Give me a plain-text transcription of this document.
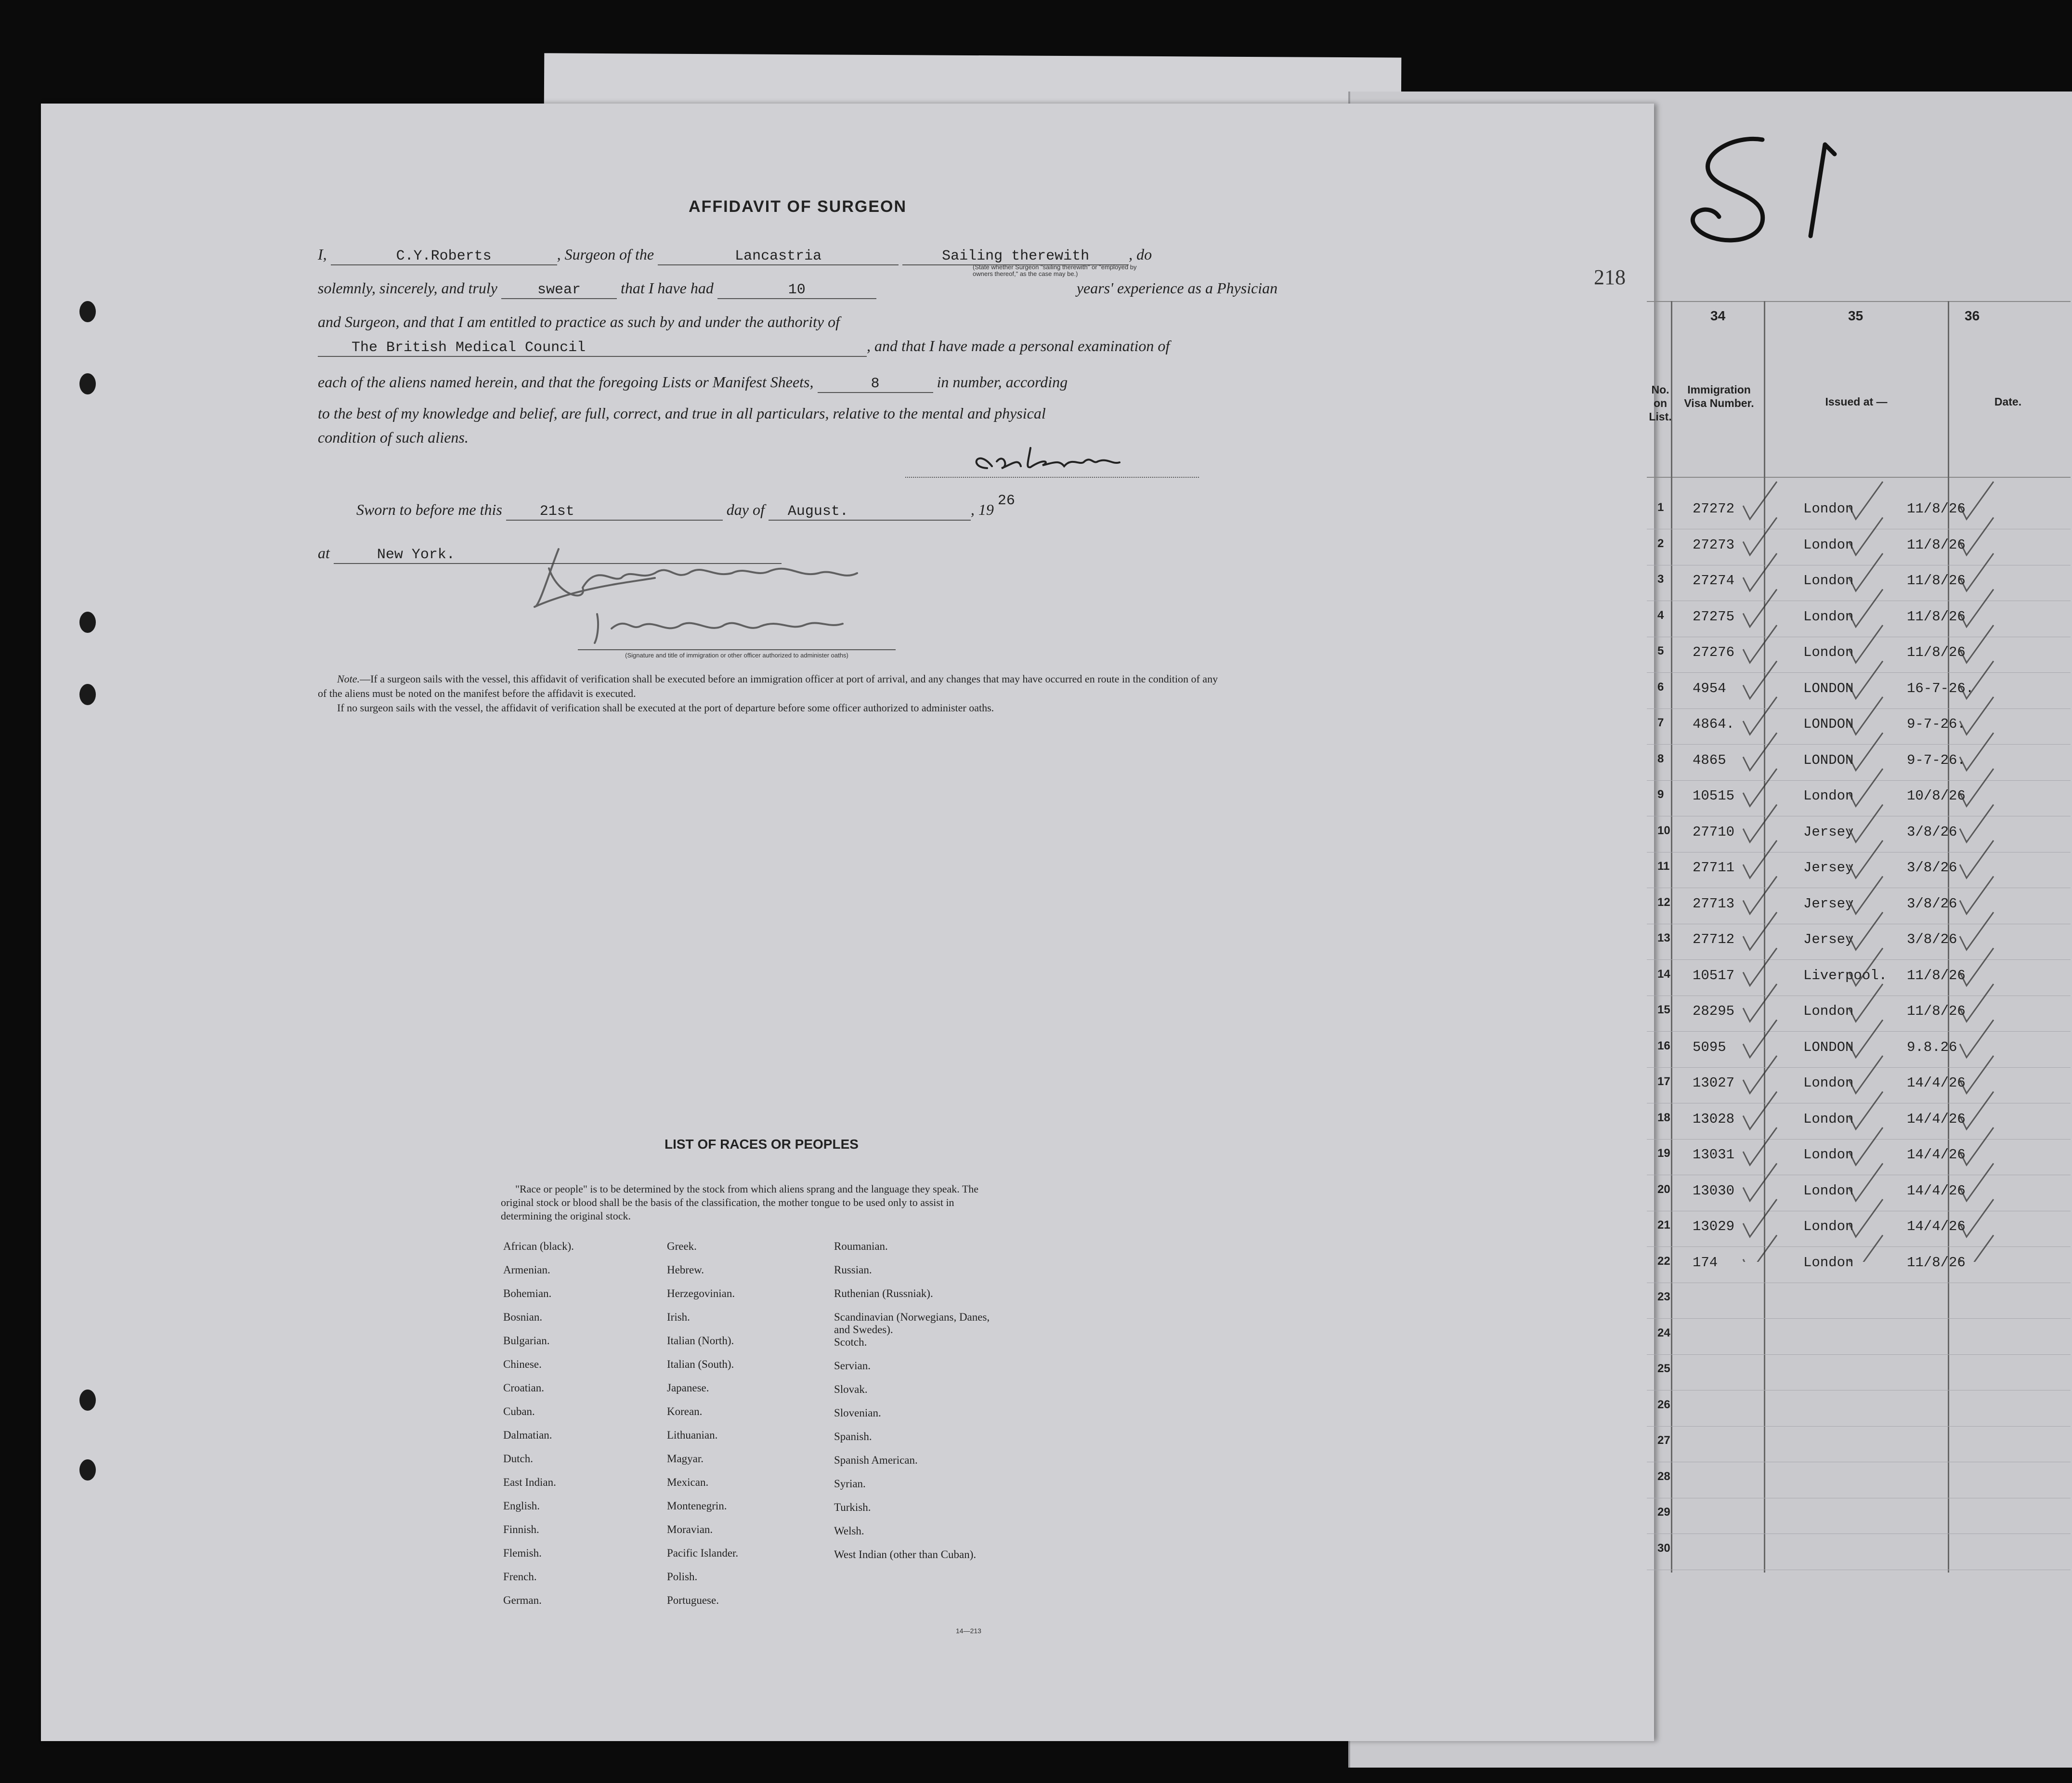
AFFIDAVIT OF SURGEON
I,	C.Y.Roberts	, Surgeon of the	Lancastria	Sailing therewith	, do
(State whether Surgeon "sailing therewith" or "employed by owners thereof," as the case may be.)
solemnly, sincerely, and truly	swear	that I have had	10	years' experience as a Physician
and Surgeon, and that I am entitled to practice as such by and under the authority of
The British Medical Council	, and that I have made a personal examination of
each of the aliens named herein, and that the foregoing Lists or Manifest Sheets,	8	in number, according
to the best of my knowledge and belief, are full, correct, and true in all particulars, relative to the mental and physical
condition of such aliens.
Sworn to before me this	21st	day of August.	, 19 26
at	New York.
(Signature and title of immigration or other officer authorized to administer oaths)
Note.—If a surgeon sails with the vessel, this affidavit of verification shall be executed before an immigration officer at port of arrival, and any changes that may have occurred en route in the condition of any of the aliens must be noted on the manifest before the affidavit is executed.
If no surgeon sails with the vessel, the affidavit of verification shall be executed at the port of departure before some officer authorized to administer oaths.
LIST OF RACES OR PEOPLES
"Race or people" is to be determined by the stock from which aliens sprang and the language they speak. The original stock or blood shall be the basis of the classification, the mother tongue to be used only to assist in determining the original stock.
African (black).
Armenian.
Bohemian.
Bosnian.
Bulgarian.
Chinese.
Croatian.
Cuban.
Dalmatian.
Dutch.
East Indian.
English.
Finnish.
Flemish.
French.
German.
Greek.
Hebrew.
Herzegovinian.
Irish.
Italian (North).
Italian (South).
Japanese.
Korean.
Lithuanian.
Magyar.
Mexican.
Montenegrin.
Moravian.
Pacific Islander.
Polish.
Portuguese.
Roumanian.
Russian.
Ruthenian (Russniak).
Scandinavian (Norwegians, Danes, and Swedes).
Scotch.
Servian.
Slovak.
Slovenian.
Spanish.
Spanish American.
Syrian.
Turkish.
Welsh.
West Indian (other than Cuban).
14—213
218
34	35	36
No. on List.
Immigration Visa Number.	Issued at —	Date.
1 27272	London	11/8/26
2 27273	London	11/8/26
3 27274	London	11/8/26
4 27275	London	11/8/26
5 27276	London	11/8/26
6 4954	LONDON	16-7-26.
7 4864.	LONDON	9-7-26.
8 4865	LONDON	9-7-26.
9 10515	London	10/8/26
10 27710	Jersey	3/8/26
11 27711	Jersey	3/8/26
12 27713	Jersey	3/8/26
13 27712	Jersey	3/8/26
14 10517	Liverpool. 11/8/26
15 28295	London	11/8/26
16 5095	LONDON	9.8.26
17 13027	London	14/4/26
18 13028	London	14/4/26
19 13031	London	14/4/26
20 13030	London	14/4/26
21 13029	London	14/4/26
22 174	London	11/8/26
23
24
25
26
27
28
29
30
